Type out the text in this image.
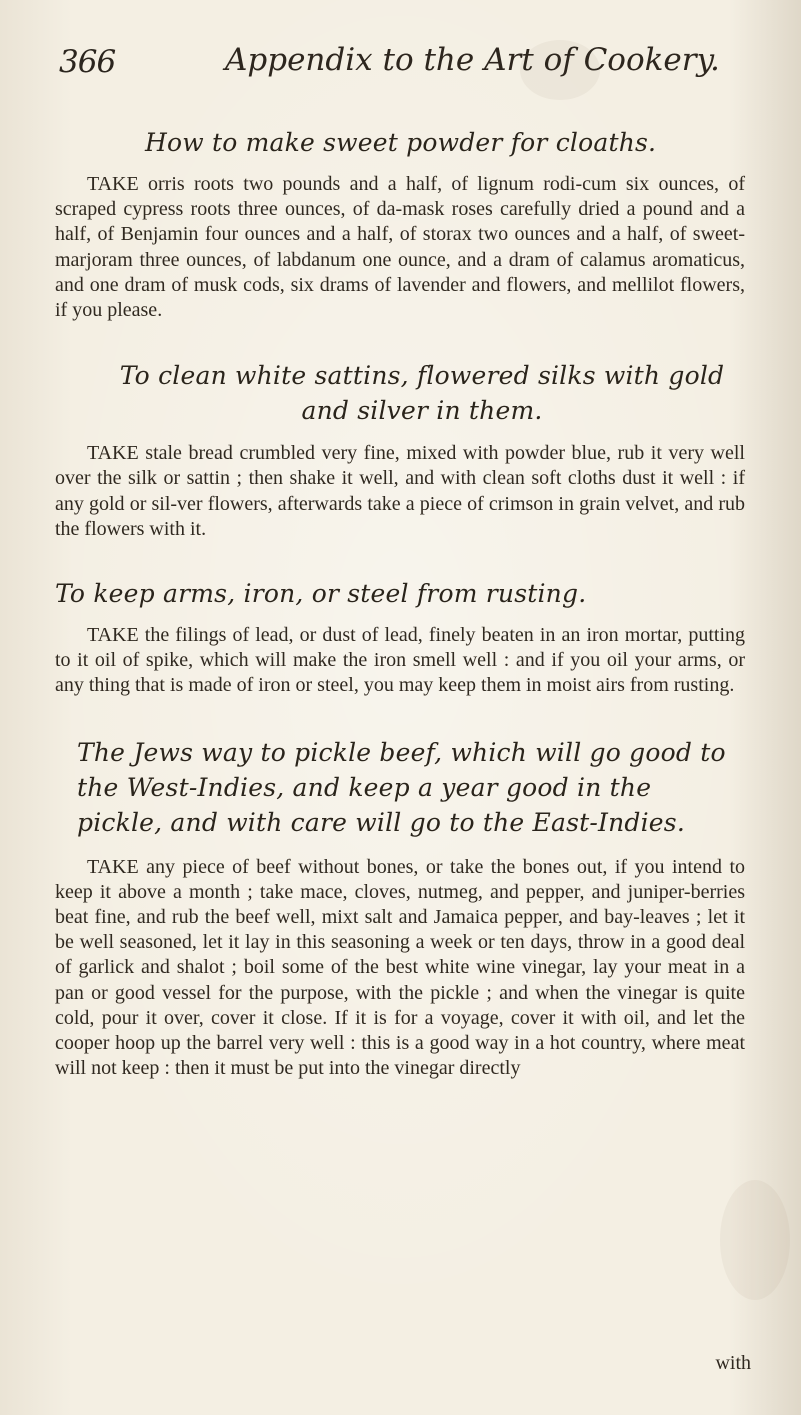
366	Appendix to the Art of Cookery.
How to make sweet powder for cloaths.

TAKE orris roots two pounds and a half, of lignum rodi-cum six ounces, of scraped cypress roots three ounces, of da-mask roses carefully dried a pound and a half, of Benjamin four ounces and a half, of storax two ounces and a half, of sweet-marjoram three ounces, of labdanum one ounce, and a dram of calamus aromaticus, and one dram of musk cods, six drams of lavender and flowers, and mellilot flowers, if you please.

To clean white sattins, flowered silks with gold and silver in them.

TAKE stale bread crumbled very fine, mixed with powder blue, rub it very well over the silk or sattin ; then shake it well, and with clean soft cloths dust it well : if any gold or sil-ver flowers, afterwards take a piece of crimson in grain velvet, and rub the flowers with it.

To keep arms, iron, or steel from rusting.

TAKE the filings of lead, or dust of lead, finely beaten in an iron mortar, putting to it oil of spike, which will make the iron smell well : and if you oil your arms, or any thing that is made of iron or steel, you may keep them in moist airs from rusting.

The Jews way to pickle beef, which will go good to the West-Indies, and keep a year good in the pickle, and with care will go to the East-Indies.

TAKE any piece of beef without bones, or take the bones out, if you intend to keep it above a month ; take mace, cloves, nutmeg, and pepper, and juniper-berries beat fine, and rub the beef well, mixt salt and Jamaica pepper, and bay-leaves ; let it be well seasoned, let it lay in this seasoning a week or ten days, throw in a good deal of garlick and shalot ; boil some of the best white wine vinegar, lay your meat in a pan or good vessel for the purpose, with the pickle ; and when the vinegar is quite cold, pour it over, cover it close. If it is for a voyage, cover it with oil, and let the cooper hoop up the barrel very well : this is a good way in a hot country, where meat will not keep : then it must be put into the vinegar directly

with
